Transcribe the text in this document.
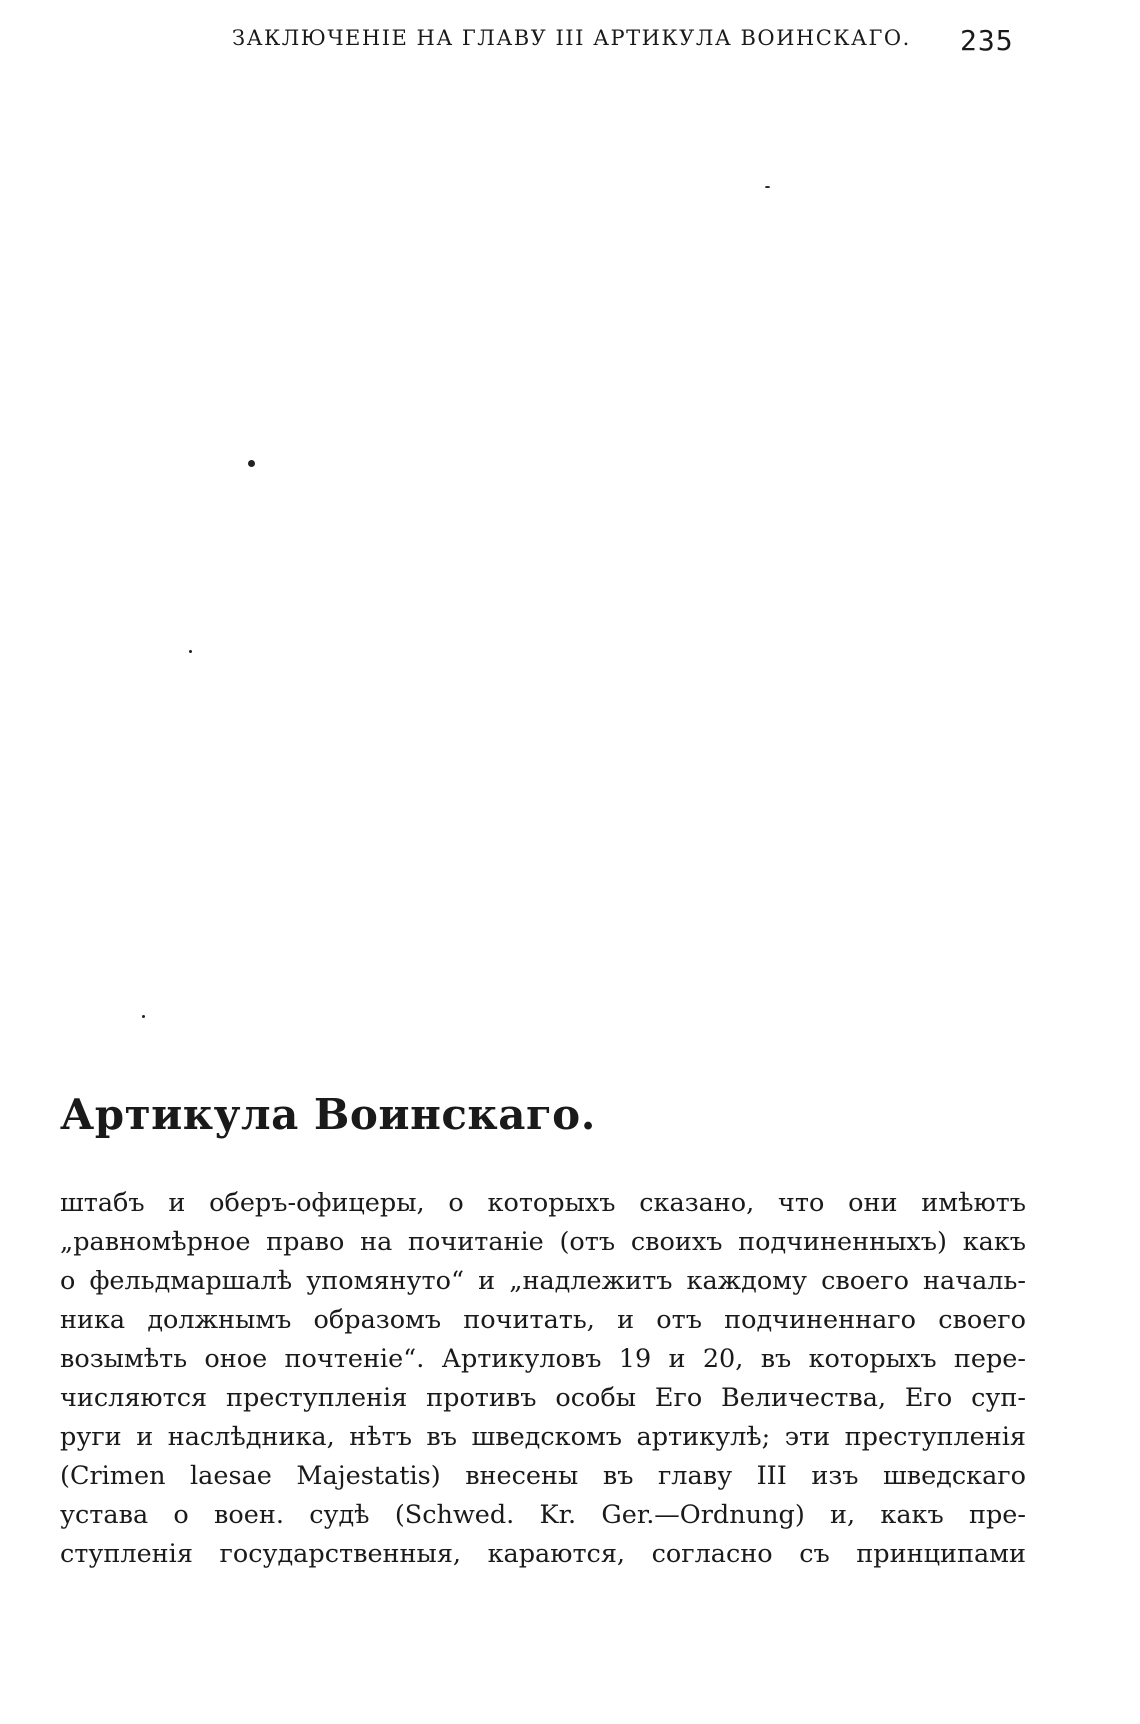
ЗАКЛЮЧЕНІЕ НА ГЛАВУ III АРТИКУЛА ВОИНСКАГО. 235
Артикула Воинскаго.
штабъ и оберъ-офицеры, о которыхъ сказано, что они имѣютъ
„равномѣрное право на почитаніе (отъ своихъ подчиненныхъ) какъ
о фельдмаршалѣ упомянуто“ и „надлежитъ каждому своего началь-
ника должнымъ образомъ почитать, и отъ подчиненнаго своего
возымѣть оное почтеніе“. Артикуловъ 19 и 20, въ которыхъ пере-
числяются преступленія противъ особы Его Величества, Его суп-
руги и наслѣдника, нѣтъ въ шведскомъ артикулѣ; эти преступленія
(Crimen laesae Majestatis) внесены въ главу III изъ шведскаго
устава о воен. судѣ (Schwed. Kr. Ger.—Ordnung) и, какъ пре-
ступленія государственныя, караются, согласно съ принципами
